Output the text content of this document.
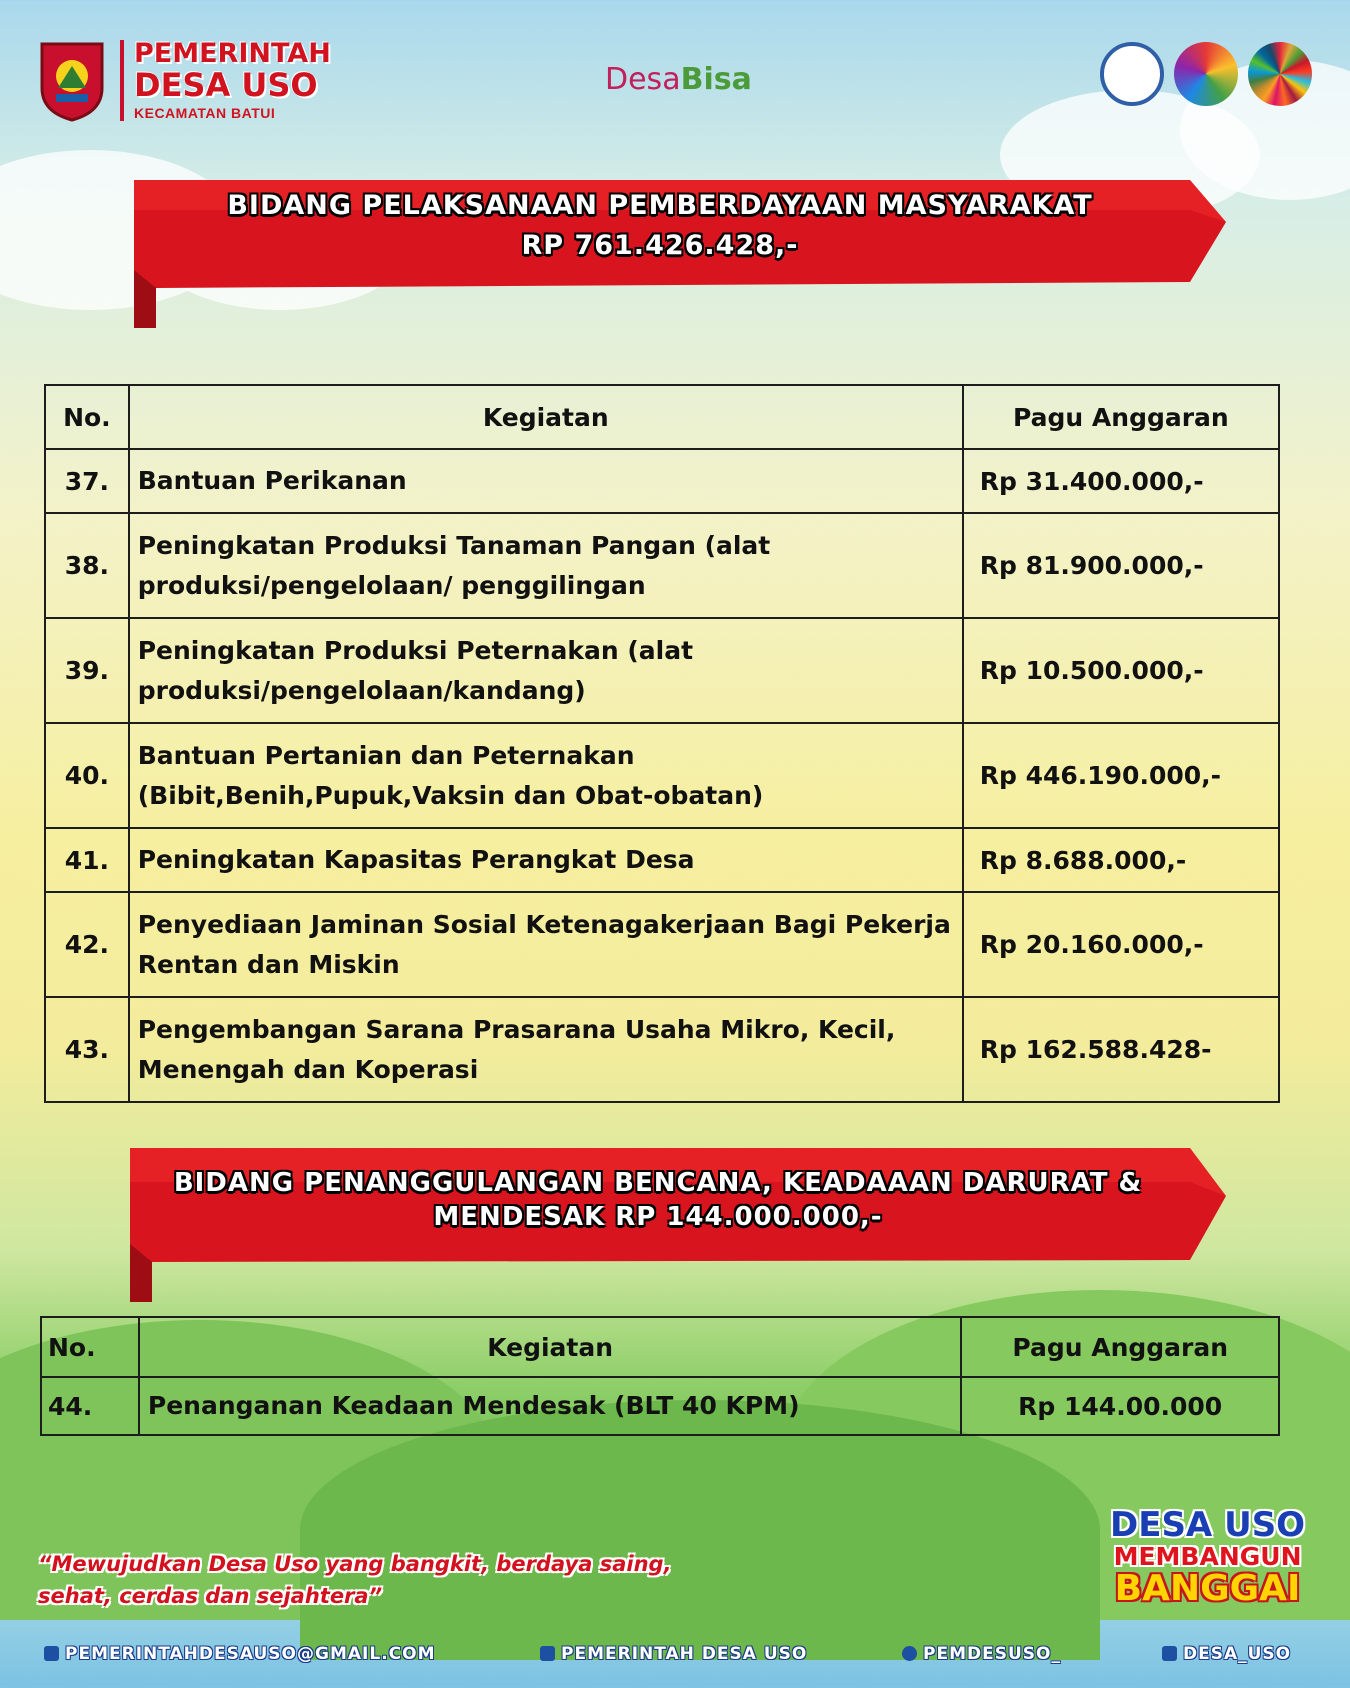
PEMERINTAH
DESA USO
KECAMATAN BATUI
DesaBisa
BIDANG PELAKSANAAN PEMBERDAYAAN MASYARAKAT
RP 761.426.428,-
No.	Kegiatan	Pagu Anggaran
37.	Bantuan Perikanan	Rp 31.400.000,-
38.	Peningkatan Produksi Tanaman Pangan (alat produksi/pengelolaan/ penggilingan	Rp 81.900.000,-
39.	Peningkatan Produksi Peternakan (alat produksi/pengelolaan/kandang)	Rp 10.500.000,-
40.	Bantuan Pertanian dan Peternakan (Bibit,Benih,Pupuk,Vaksin dan Obat-obatan)	Rp 446.190.000,-
41.	Peningkatan Kapasitas Perangkat Desa	Rp 8.688.000,-
42.	Penyediaan Jaminan Sosial Ketenagakerjaan Bagi Pekerja Rentan dan Miskin	Rp 20.160.000,-
43.	Pengembangan Sarana Prasarana Usaha Mikro, Kecil, Menengah dan Koperasi	Rp 162.588.428-
BIDANG PENANGGULANGAN BENCANA, KEADAAAN DARURAT &
MENDESAK RP 144.000.000,-
No.	Kegiatan	Pagu Anggaran
44.	Penanganan Keadaan Mendesak (BLT 40 KPM)	Rp 144.00.000
“Mewujudkan Desa Uso yang bangkit, berdaya saing,
sehat, cerdas dan sejahtera”
DESA USO
MEMBANGUN
BANGGAI
PEMERINTAHDESAUSO@GMAIL.COM	PEMERINTAH DESA USO	PEMDESUSO_	DESA_USO
